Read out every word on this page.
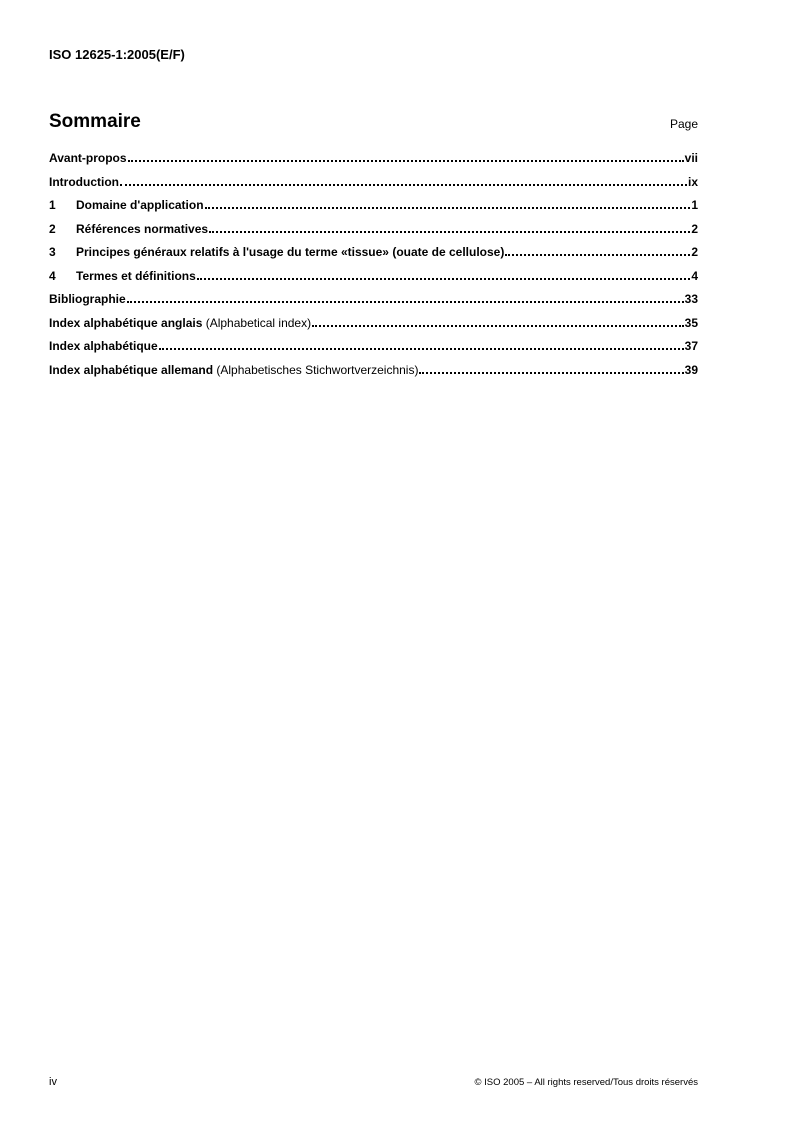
ISO 12625-1:2005(E/F)
Sommaire	Page
Avant-propos	vii
Introduction	ix
1	Domaine d'application	1
2	Références normatives	2
3	Principes généraux relatifs à l'usage du terme «tissue» (ouate de cellulose)	2
4	Termes et définitions	4
Bibliographie	33
Index alphabétique anglais (Alphabetical index)	35
Index alphabétique	37
Index alphabétique allemand (Alphabetisches Stichwortverzeichnis)	39
iv	© ISO 2005 – All rights reserved/Tous droits réservés
